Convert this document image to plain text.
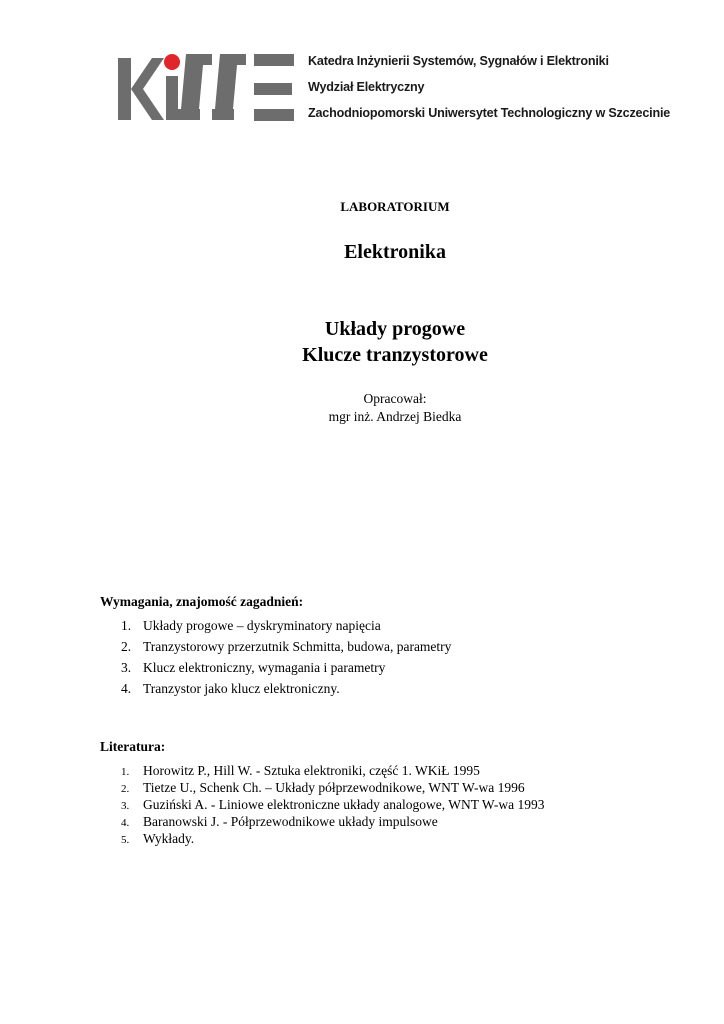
Katedra Inżynierii Systemów, Sygnałów i Elektroniki
Wydział Elektryczny
Zachodniopomorski Uniwersytet Technologiczny w Szczecinie
LABORATORIUM
Elektronika
Układy progowe
Klucze tranzystorowe
Opracował:
mgr inż. Andrzej Biedka
Wymagania, znajomość zagadnień:
1. Układy progowe – dyskryminatory napięcia
2. Tranzystorowy przerzutnik Schmitta, budowa, parametry
3. Klucz elektroniczny, wymagania i parametry
4. Tranzystor jako klucz elektroniczny.
Literatura:
1. Horowitz P., Hill W. - Sztuka elektroniki, część 1. WKiŁ 1995
2. Tietze U., Schenk Ch. – Układy półprzewodnikowe, WNT W-wa 1996
3. Guziński A. - Liniowe elektroniczne układy analogowe, WNT W-wa 1993
4. Baranowski J. - Półprzewodnikowe układy impulsowe
5. Wykłady.
